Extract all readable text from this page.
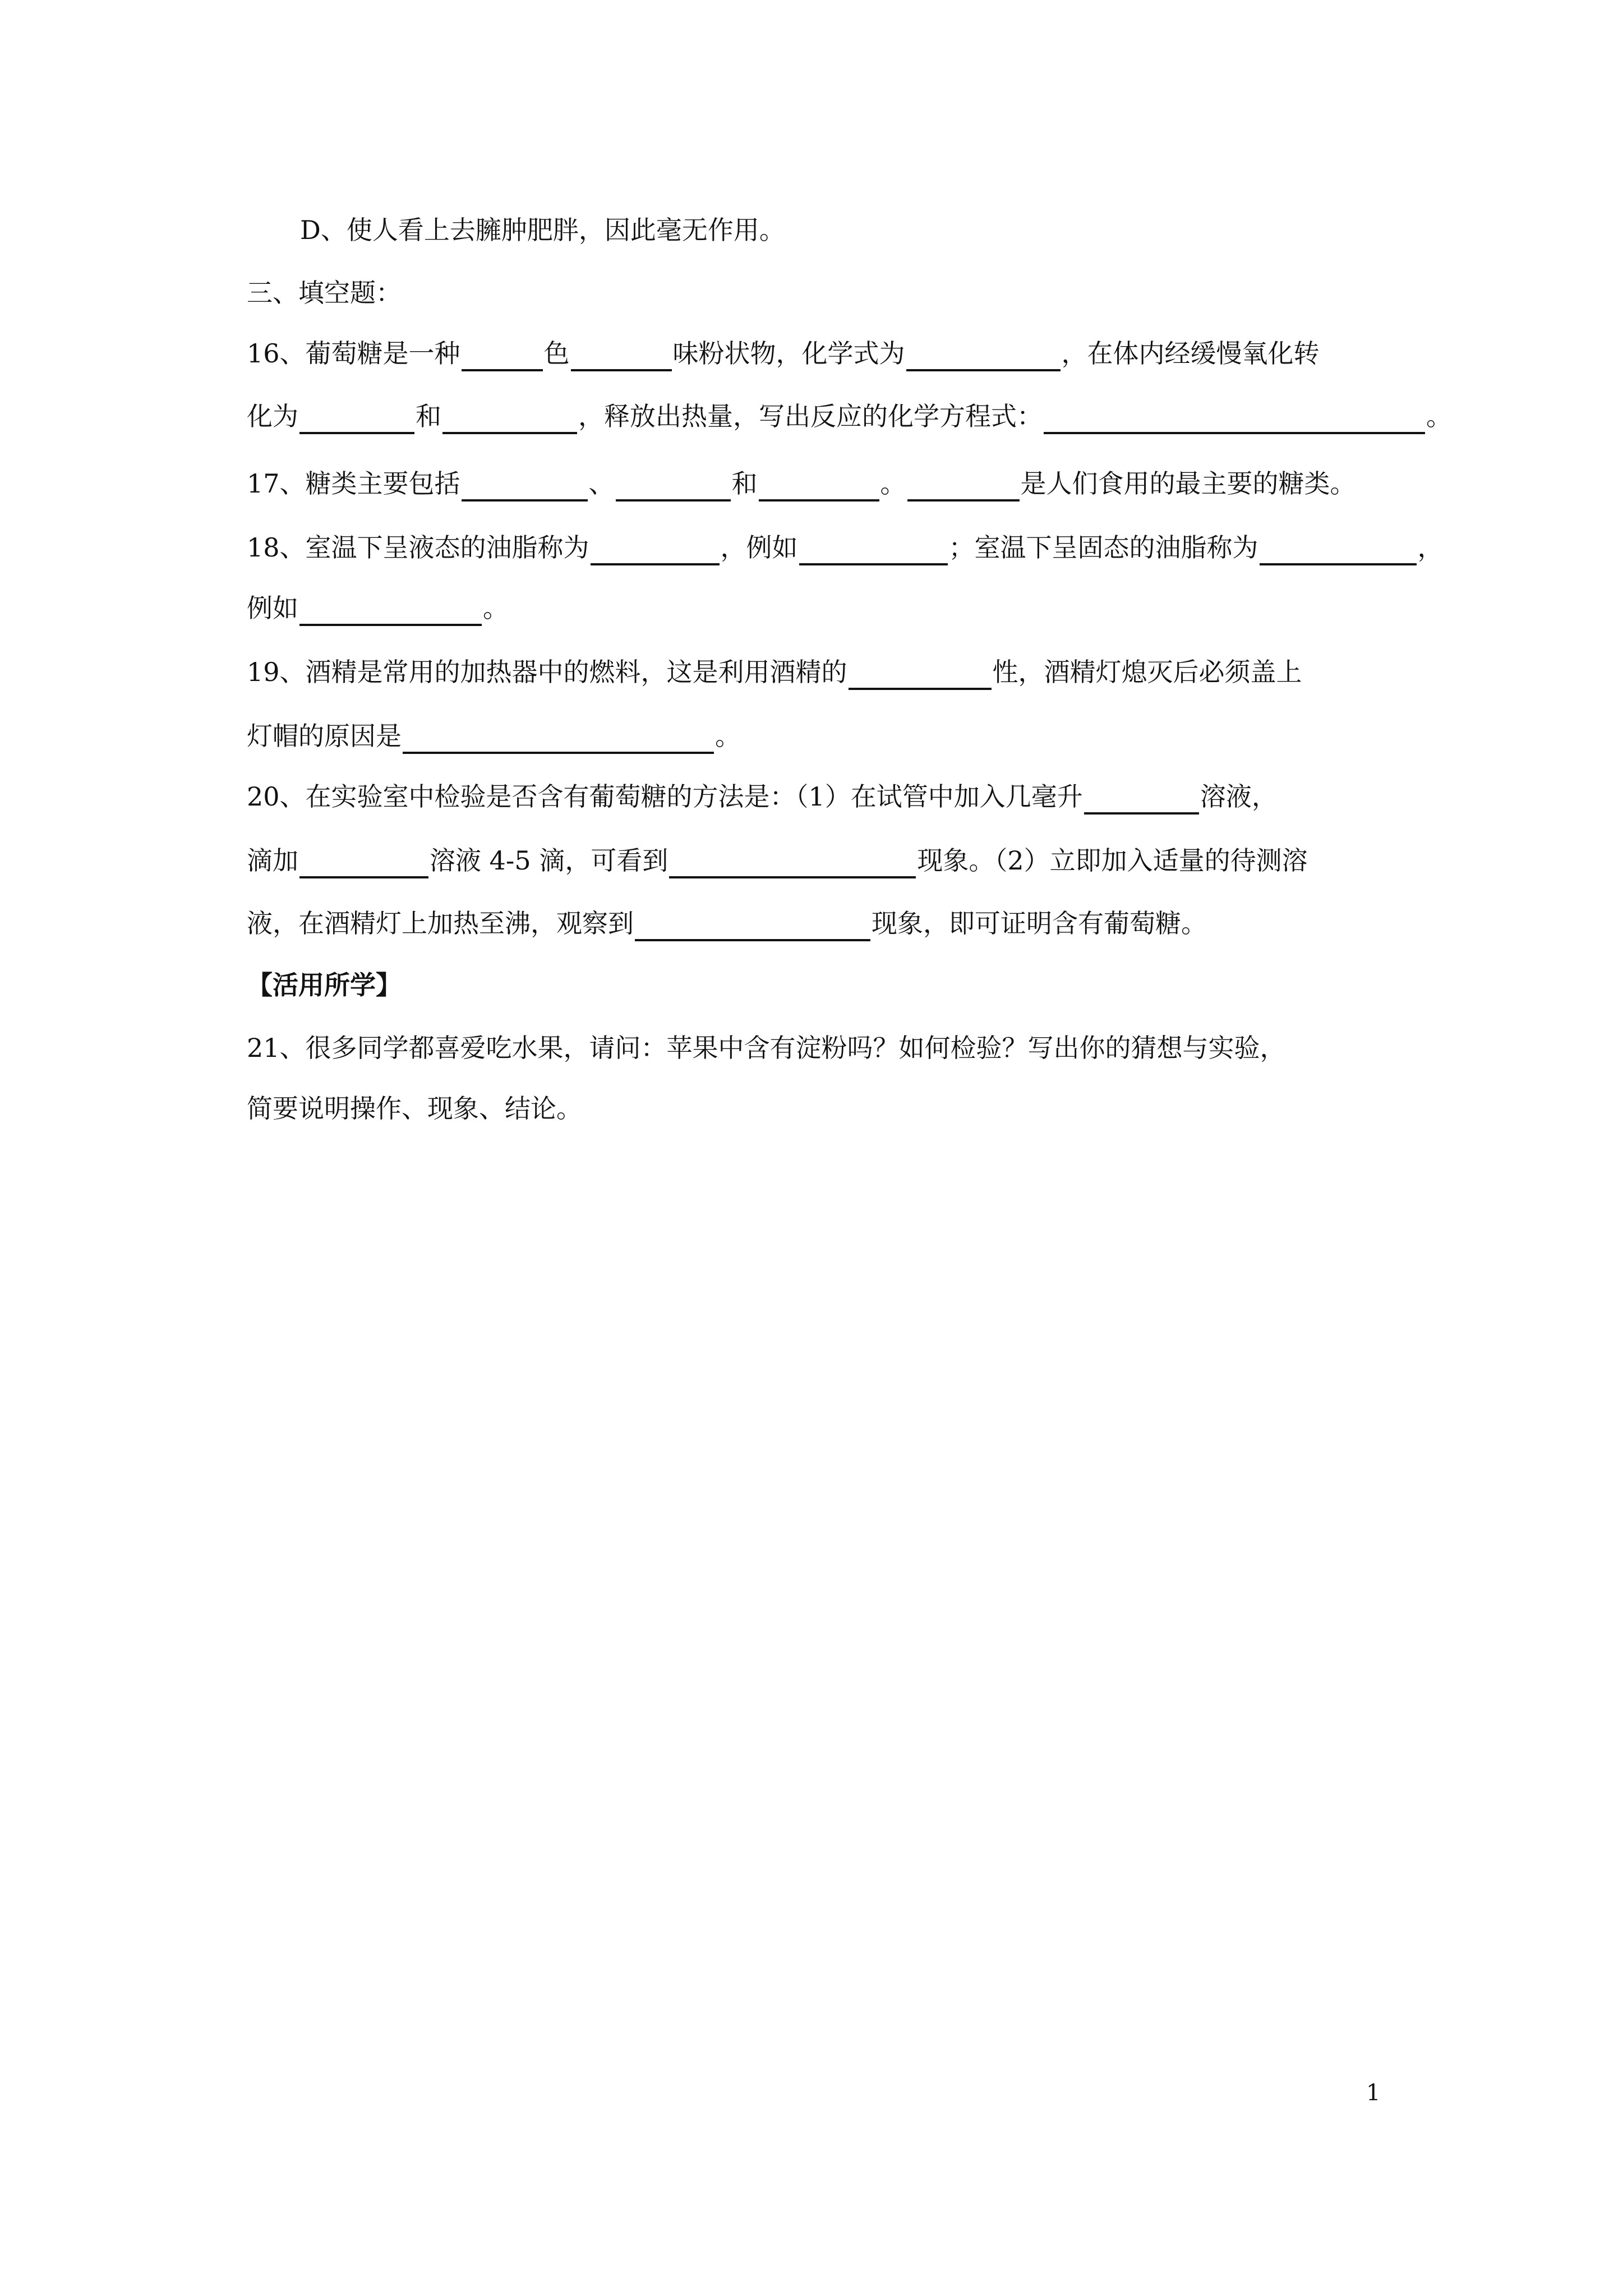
D、使人看上去臃肿肥胖，因此毫无作用。
三、填空题：
16、葡萄糖是一种	色	味粉状物，化学式为	，在体内经缓慢氧化转
化为	和	，释放出热量，写出反应的化学方程式：	。
17、糖类主要包括	、	和	。	是人们食用的最主要的糖类。
18、室温下呈液态的油脂称为	，例如	；室温下呈固态的油脂称为	，
例如	。
19、酒精是常用的加热器中的燃料，这是利用酒精的	性，酒精灯熄灭后必须盖上
灯帽的原因是	。
20、在实验室中检验是否含有葡萄糖的方法是：（1）在试管中加入几毫升	溶液，
滴加	溶液 4-5 滴，可看到	现象。（2）立即加入适量的待测溶
液，在酒精灯上加热至沸，观察到	现象，即可证明含有葡萄糖。
【活用所学】
21、很多同学都喜爱吃水果，请问：苹果中含有淀粉吗？如何检验？写出你的猜想与实验，
简要说明操作、现象、结论。
1
